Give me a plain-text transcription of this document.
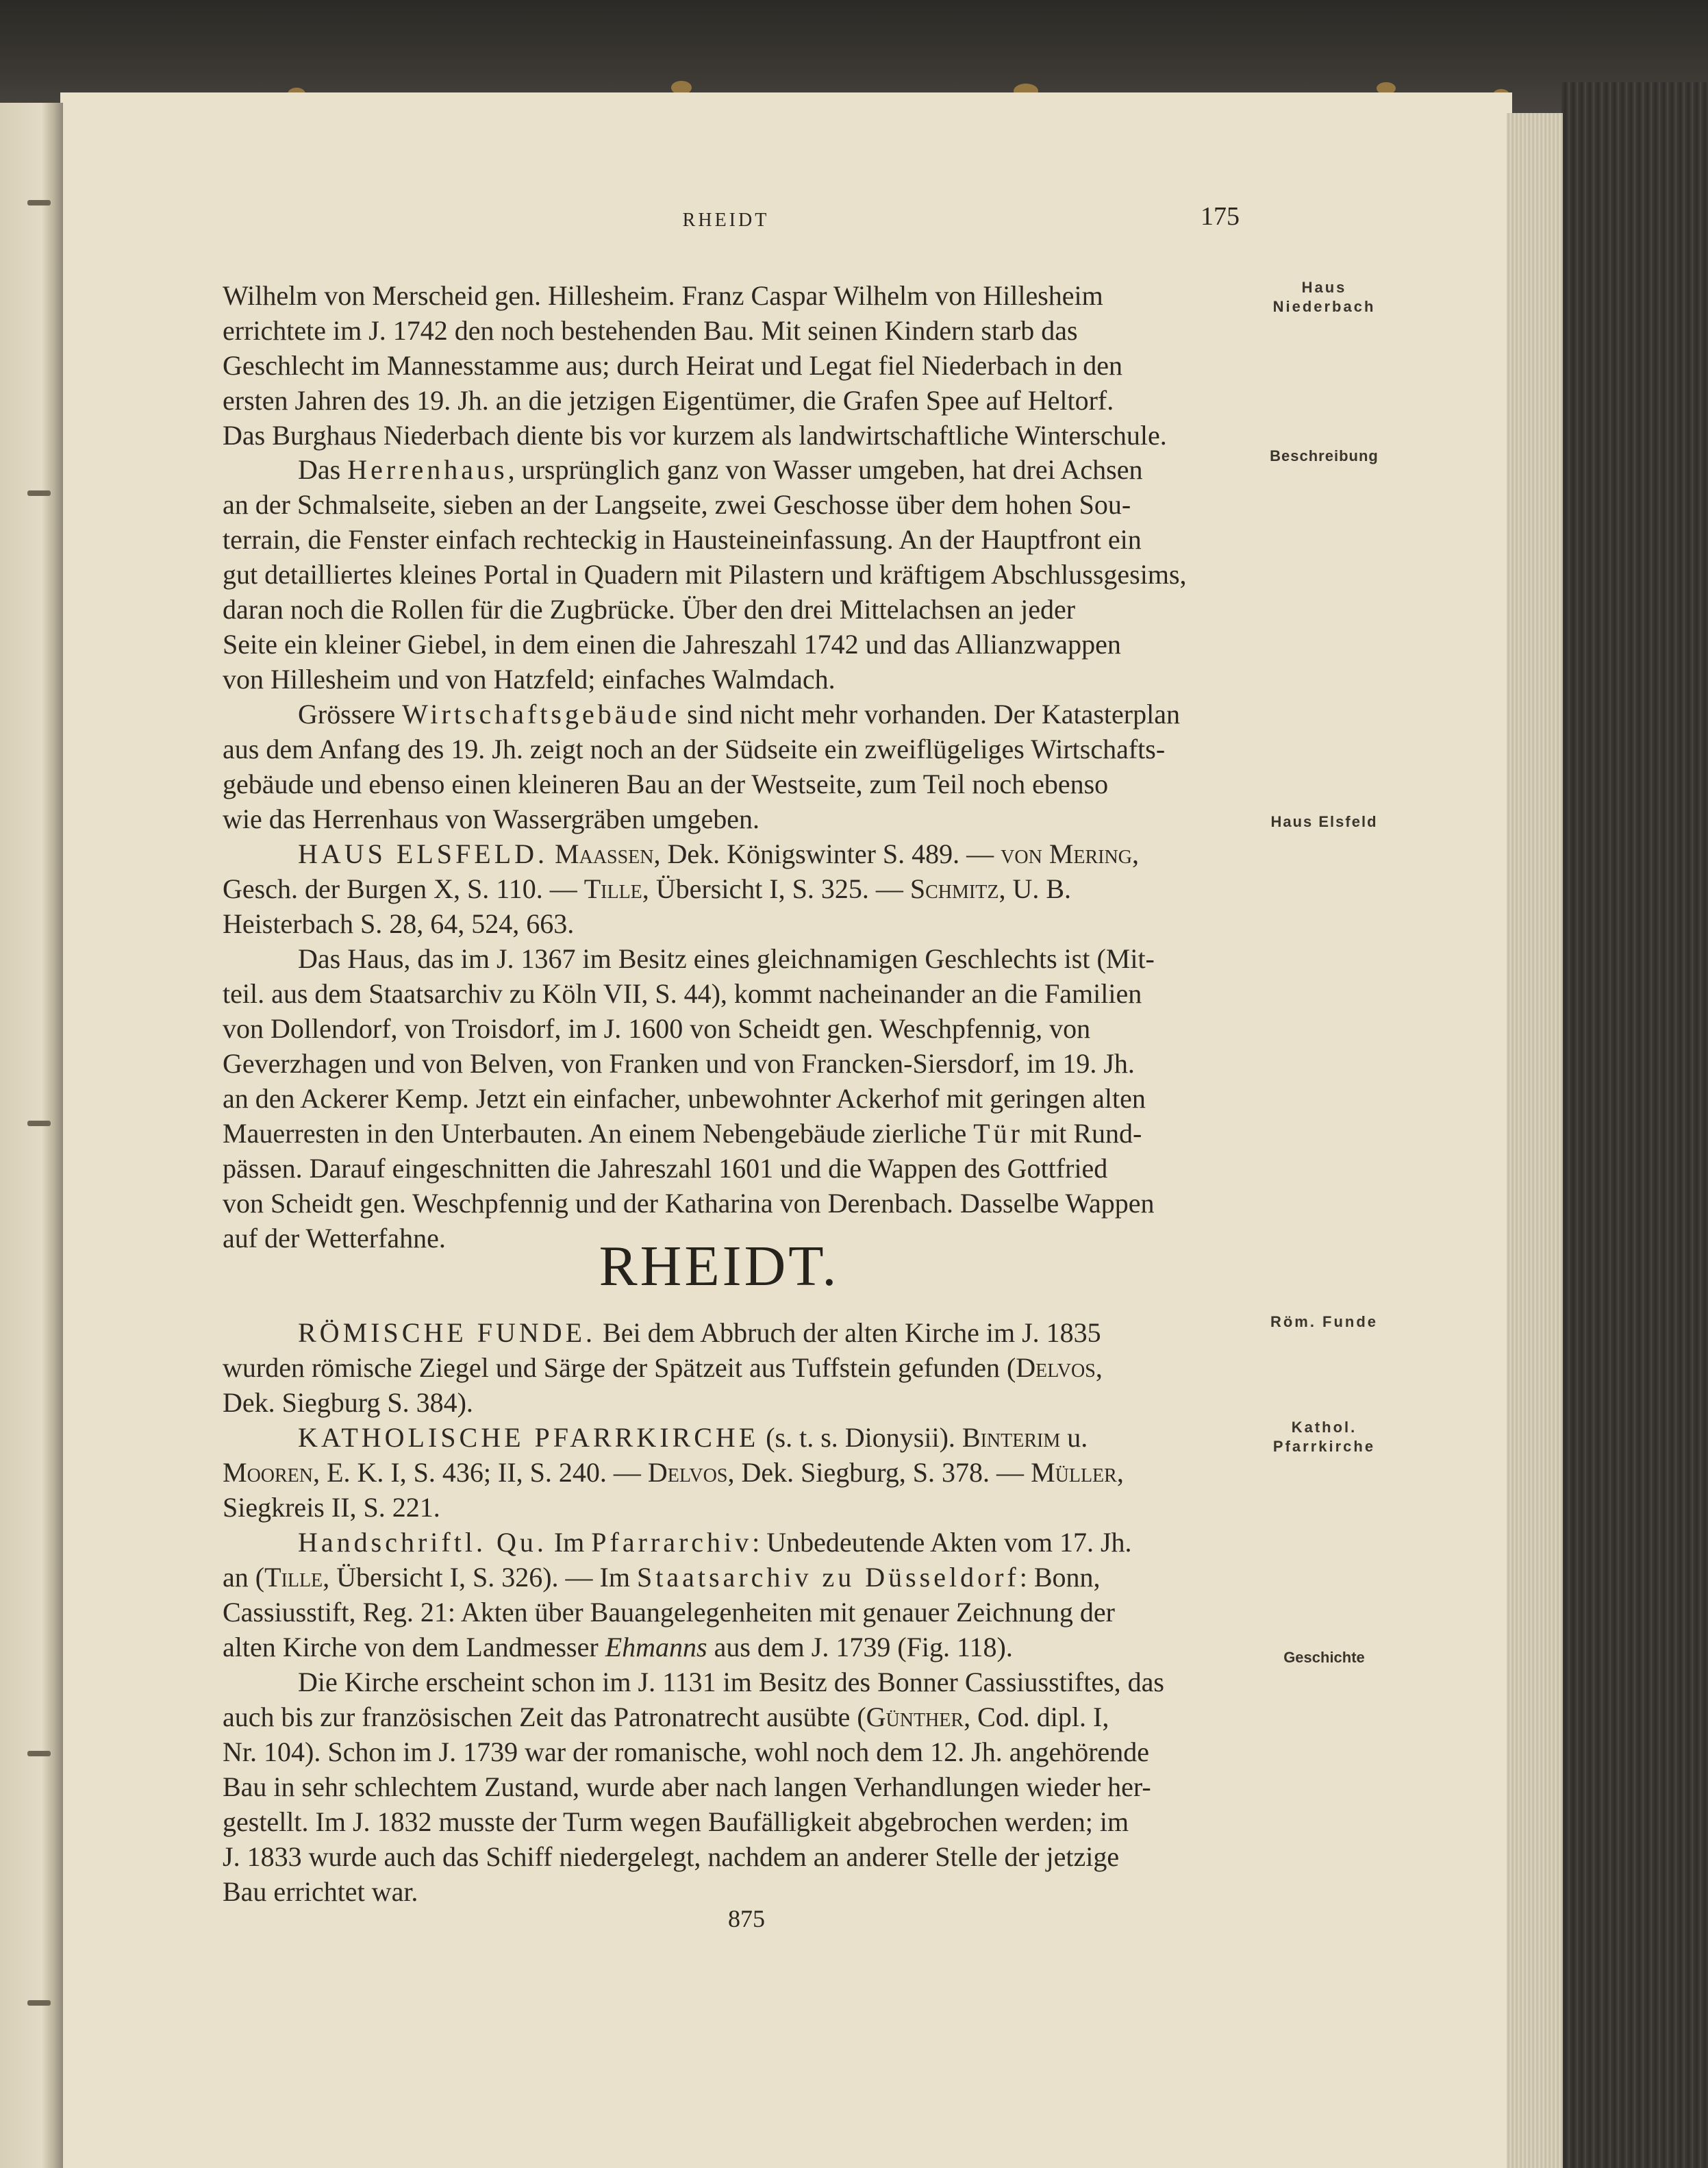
RHEIDT	175
Haus
Niederbach
Beschreibung
Haus Elsfeld
Röm. Funde
Kathol.
Pfarrkirche
Geschichte
Wilhelm von Merscheid gen. Hillesheim. Franz Caspar Wilhelm von Hillesheim
errichtete im J. 1742 den noch bestehenden Bau. Mit seinen Kindern starb das
Geschlecht im Mannesstamme aus; durch Heirat und Legat fiel Niederbach in den
ersten Jahren des 19. Jh. an die jetzigen Eigentümer, die Grafen Spee auf Heltorf.
Das Burghaus Niederbach diente bis vor kurzem als landwirtschaftliche Winterschule.
Das Herrenhaus, ursprünglich ganz von Wasser umgeben, hat drei Achsen
an der Schmalseite, sieben an der Langseite, zwei Geschosse über dem hohen Sou-
terrain, die Fenster einfach rechteckig in Hausteineinfassung. An der Hauptfront ein
gut detailliertes kleines Portal in Quadern mit Pilastern und kräftigem Abschlussgesims,
daran noch die Rollen für die Zugbrücke. Über den drei Mittelachsen an jeder
Seite ein kleiner Giebel, in dem einen die Jahreszahl 1742 und das Allianzwappen
von Hillesheim und von Hatzfeld; einfaches Walmdach.
Grössere Wirtschaftsgebäude sind nicht mehr vorhanden. Der Katasterplan
aus dem Anfang des 19. Jh. zeigt noch an der Südseite ein zweiflügeliges Wirtschafts-
gebäude und ebenso einen kleineren Bau an der Westseite, zum Teil noch ebenso
wie das Herrenhaus von Wassergräben umgeben.
HAUS ELSFELD. Maassen, Dek. Königswinter S. 489. — von Mering,
Gesch. der Burgen X, S. 110. — Tille, Übersicht I, S. 325. — Schmitz, U. B.
Heisterbach S. 28, 64, 524, 663.
Das Haus, das im J. 1367 im Besitz eines gleichnamigen Geschlechts ist (Mit-
teil. aus dem Staatsarchiv zu Köln VII, S. 44), kommt nacheinander an die Familien
von Dollendorf, von Troisdorf, im J. 1600 von Scheidt gen. Weschpfennig, von
Geverzhagen und von Belven, von Franken und von Francken-Siersdorf, im 19. Jh.
an den Ackerer Kemp. Jetzt ein einfacher, unbewohnter Ackerhof mit geringen alten
Mauerresten in den Unterbauten. An einem Nebengebäude zierliche Tür mit Rund-
pässen. Darauf eingeschnitten die Jahreszahl 1601 und die Wappen des Gottfried
von Scheidt gen. Weschpfennig und der Katharina von Derenbach. Dasselbe Wappen
auf der Wetterfahne.	RHEIDT.
RÖMISCHE FUNDE. Bei dem Abbruch der alten Kirche im J. 1835
wurden römische Ziegel und Särge der Spätzeit aus Tuffstein gefunden (Delvos,
Dek. Siegburg S. 384).
KATHOLISCHE PFARRKIRCHE (s. t. s. Dionysii). Binterim u.
Mooren, E. K. I, S. 436; II, S. 240. — Delvos, Dek. Siegburg, S. 378. — Müller,
Siegkreis II, S. 221.
Handschriftl. Qu. Im Pfarrarchiv: Unbedeutende Akten vom 17. Jh.
an (Tille, Übersicht I, S. 326). — Im Staatsarchiv zu Düsseldorf: Bonn,
Cassiusstift, Reg. 21: Akten über Bauangelegenheiten mit genauer Zeichnung der
alten Kirche von dem Landmesser Ehmanns aus dem J. 1739 (Fig. 118).
Die Kirche erscheint schon im J. 1131 im Besitz des Bonner Cassiusstiftes, das
auch bis zur französischen Zeit das Patronatrecht ausübte (Günther, Cod. dipl. I,
Nr. 104). Schon im J. 1739 war der romanische, wohl noch dem 12. Jh. angehörende
Bau in sehr schlechtem Zustand, wurde aber nach langen Verhandlungen wieder her-
gestellt. Im J. 1832 musste der Turm wegen Baufälligkeit abgebrochen werden; im
J. 1833 wurde auch das Schiff niedergelegt, nachdem an anderer Stelle der jetzige
Bau errichtet war.
875
